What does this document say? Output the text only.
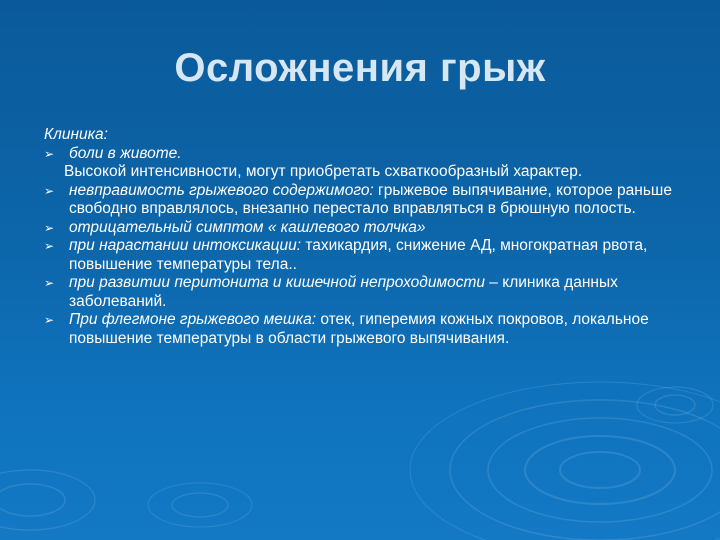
Осложнения грыж
Клиника:
➢ боли в животе.
Высокой интенсивности, могут приобретать схваткообразный характер.
➢ невправимость грыжевого содержимого: грыжевое выпячивание, которое раньше свободно вправлялось, внезапно перестало вправляться в брюшную полость.
➢ отрицательный симптом « кашлевого толчка»
➢ при нарастании интоксикации: тахикардия, снижение АД, многократная рвота, повышение температуры тела..
➢ при развитии перитонита и кишечной непроходимости – клиника данных заболеваний.
➢ При флегмоне грыжевого мешка: отек, гиперемия кожных покровов, локальное повышение температуры в области грыжевого выпячивания.
